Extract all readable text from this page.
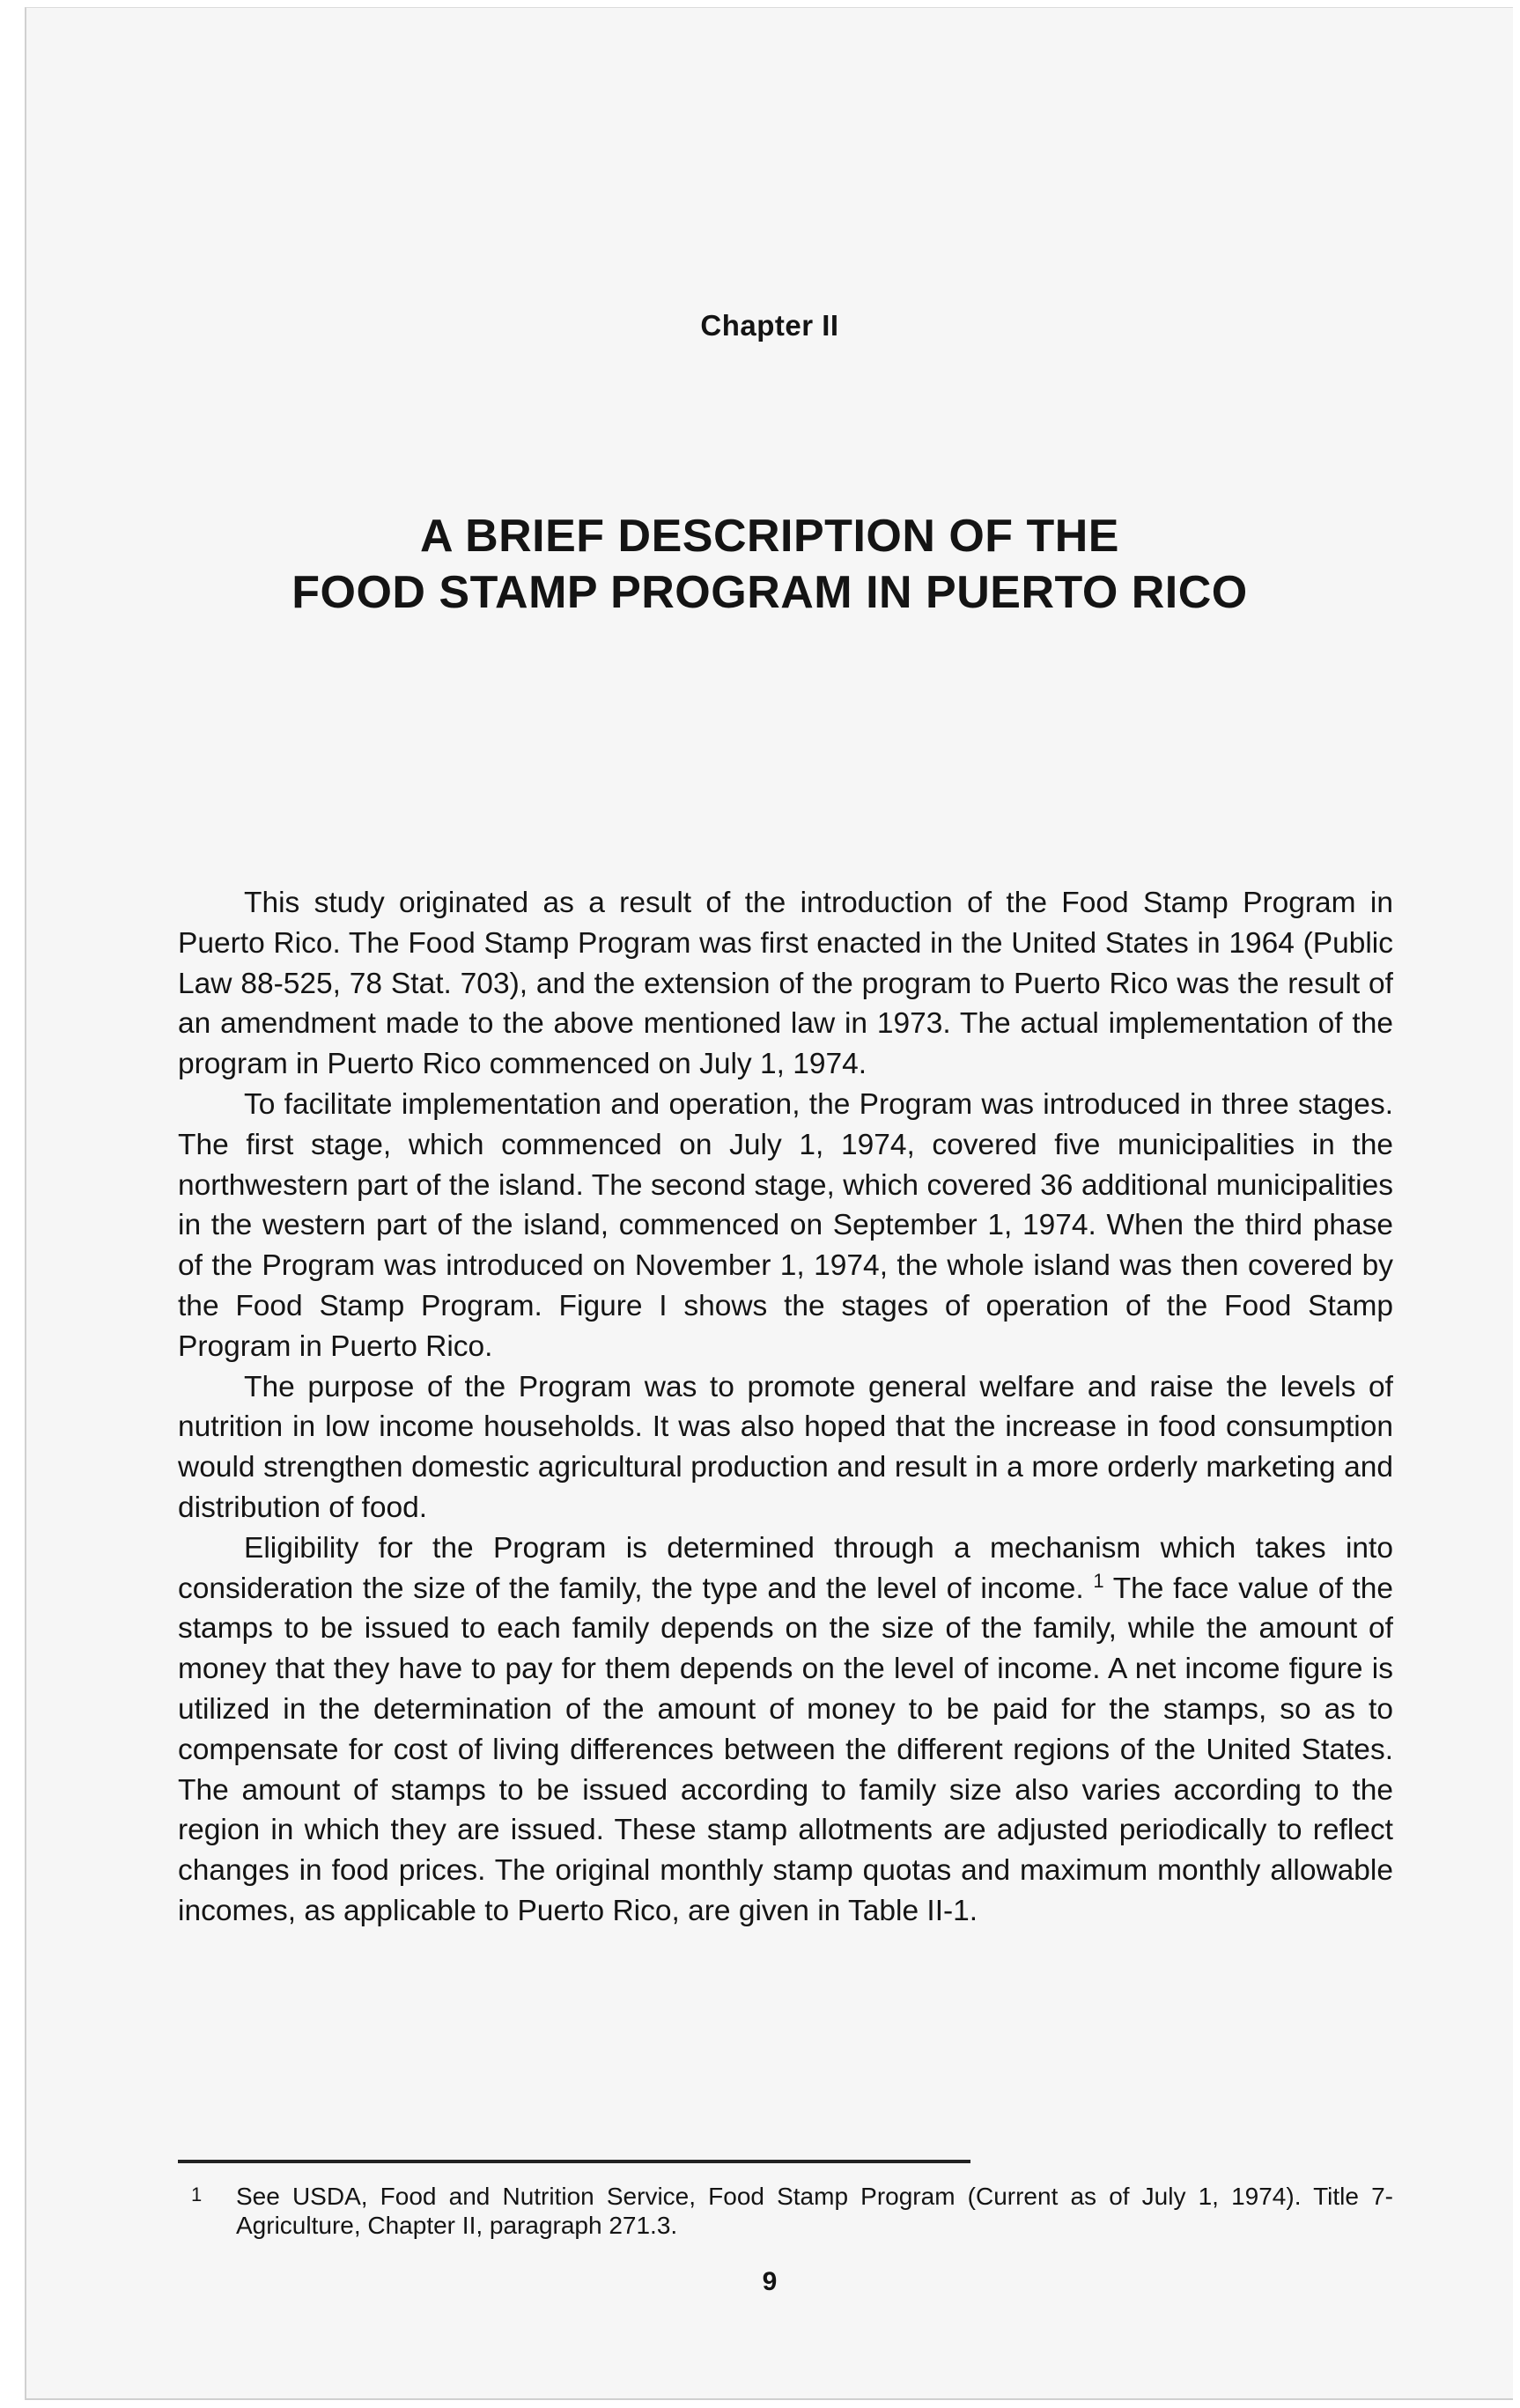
Chapter II
A BRIEF DESCRIPTION OF THE
FOOD STAMP PROGRAM IN PUERTO RICO

This study originated as a result of the introduction of the Food Stamp Program in Puerto Rico. The Food Stamp Program was first enacted in the United States in 1964 (Public Law 88-525, 78 Stat. 703), and the extension of the program to Puerto Rico was the result of an amendment made to the above mentioned law in 1973. The actual implementation of the program in Puerto Rico commenced on July 1, 1974.

To facilitate implementation and operation, the Program was introduced in three stages. The first stage, which commenced on July 1, 1974, covered five municipalities in the northwestern part of the island. The second stage, which covered 36 additional municipalities in the western part of the island, commenced on September 1, 1974. When the third phase of the Program was introduced on November 1, 1974, the whole island was then covered by the Food Stamp Program. Figure I shows the stages of operation of the Food Stamp Program in Puerto Rico.

The purpose of the Program was to promote general welfare and raise the levels of nutrition in low income households. It was also hoped that the increase in food consumption would strengthen domestic agricultural production and result in a more orderly marketing and distribution of food.

Eligibility for the Program is determined through a mechanism which takes into consideration the size of the family, the type and the level of income. $^1$ The face value of the stamps to be issued to each family depends on the size of the family, while the amount of money that they have to pay for them depends on the level of income. A net income figure is utilized in the determination of the amount of money to be paid for the stamps, so as to compensate for cost of living differences between the different regions of the United States. The amount of stamps to be issued according to family size also varies according to the region in which they are issued. These stamp allotments are adjusted periodically to reflect changes in food prices. The original monthly stamp quotas and maximum monthly allowable incomes, as applicable to Puerto Rico, are given in Table II-1.

1 See USDA, Food and Nutrition Service, Food Stamp Program (Current as of July 1, 1974). Title 7-Agriculture, Chapter II, paragraph 271.3.
9
